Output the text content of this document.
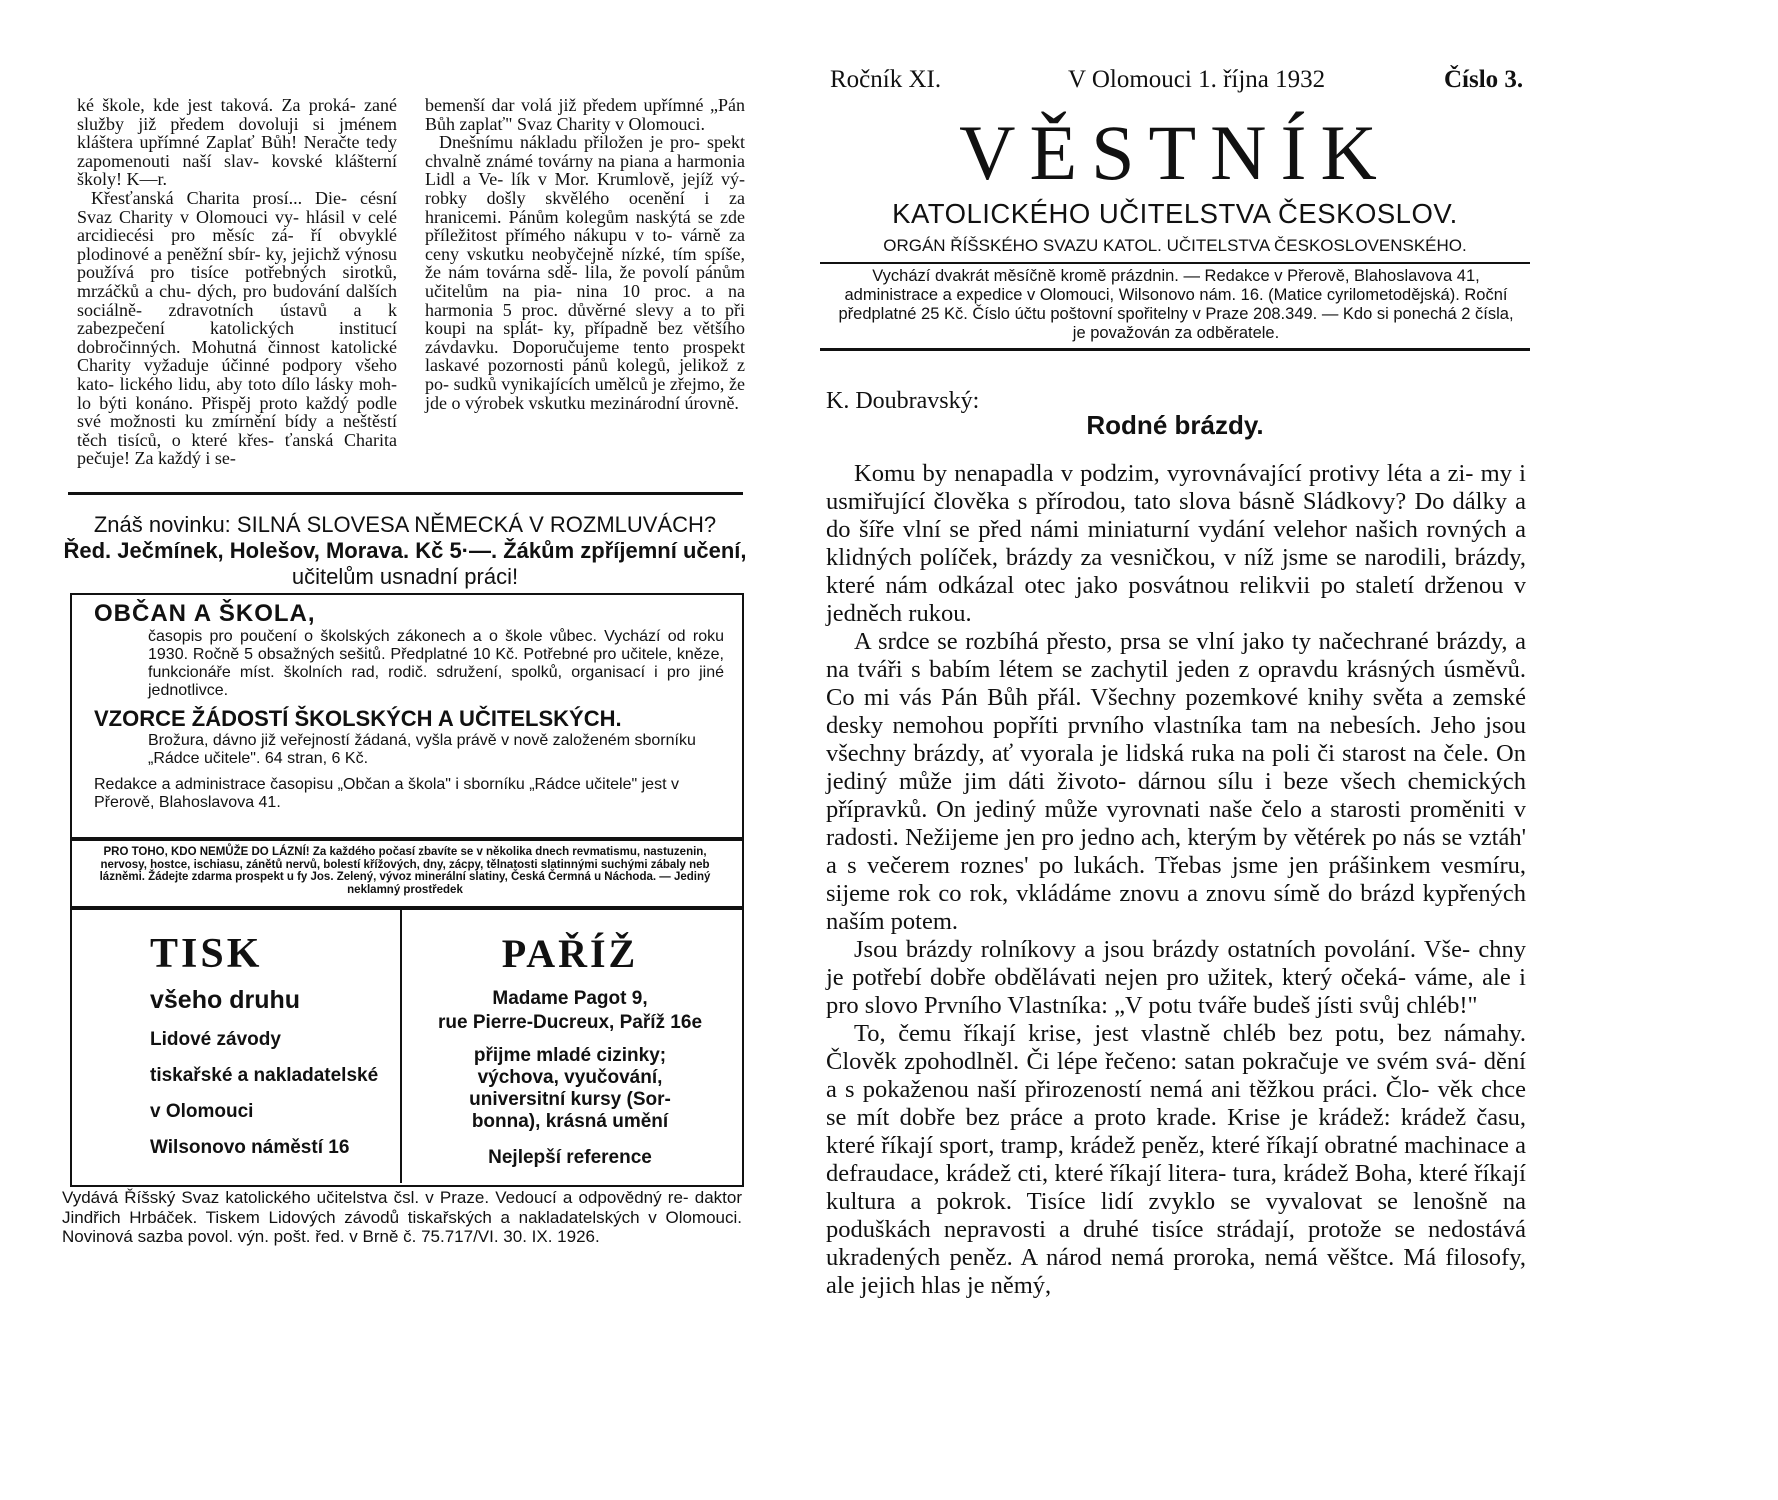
ké škole, kde jest taková. Za proká- zané služby již předem dovoluji si jménem kláštera upřímné Zaplať Bůh! Neračte tedy zapomenouti naší slav- kovské klášterní školy! K—r.

Křesťanská Charita prosí... Die- césní Svaz Charity v Olomouci vy- hlásil v celé arcidiecési pro měsíc zá- ří obvyklé plodinové a peněžní sbír- ky, jejichž výnosu používá pro tisíce potřebných sirotků, mrzáčků a chu- dých, pro budování dalších sociálně- zdravotních ústavů a k zabezpečení katolických institucí dobročinných. Mohutná činnost katolické Charity vyžaduje účinné podpory všeho kato- lického lidu, aby toto dílo lásky moh- lo býti konáno. Přispěj proto každý podle své možnosti ku zmírnění bídy a neštěstí těch tisíců, o které křes- ťanská Charita pečuje! Za každý i se-

bemenší dar volá již předem upřímné „Pán Bůh zaplať" Svaz Charity v Olomouci.

Dnešnímu nákladu přiložen je pro- spekt chvalně známé továrny na piana a harmonia Lidl a Ve- lík v Mor. Krumlově, jejíž vý- robky došly skvělého ocenění i za hranicemi. Pánům kolegům naskýtá se zde příležitost přímého nákupu v to- várně za ceny vskutku neobyčejně nízké, tím spíše, že nám továrna sdě- lila, že povolí pánům učitelům na pia- nina 10 proc. a na harmonia 5 proc. důvěrné slevy a to při koupi na splát- ky, případně bez většího závdavku. Doporučujeme tento prospekt laskavé pozornosti pánů kolegů, jelikož z po- sudků vynikajících umělců je zřejmo, že jde o výrobek vskutku mezinárodní úrovně.

Znáš novinku: SILNÁ SLOVESA NĚMECKÁ V ROZMLUVÁCH?
Řed. Ječmínek, Holešov, Morava. Kč 5·—. Žákům zpříjemní učení,
učitelům usnadní práci!
OBČAN A ŠKOLA,
časopis pro poučení o školských zákonech a o škole vůbec. Vychází od roku 1930. Ročně 5 obsažných sešitů. Předplatné 10 Kč. Potřebné pro učitele, kněze, funkcionáře míst. školních rad, rodič. sdružení, spolků, organisací i pro jiné jednotlivce.
VZORCE ŽÁDOSTÍ ŠKOLSKÝCH A UČITELSKÝCH.
Brožura, dávno již veřejností žádaná, vyšla právě v nově založeném sborníku „Rádce učitele". 64 stran, 6 Kč.
Redakce a administrace časopisu „Občan a škola" i sborníku „Rádce učitele" jest v Přerově, Blahoslavova 41.
PRO TOHO, KDO NEMŮŽE DO LÁZNÍ! Za každého počasí zbavíte se v několika dnech revmatismu, nastuzenin, nervosy, hostce, ischiasu, zánětů nervů, bolestí křížových, dny, zácpy, tělnatosti slatinnými suchými zábaly neb lázněmi. Žádejte zdarma prospekt u fy Jos. Zelený, vývoz minerální slatiny, Česká Čermná u Náchoda. — Jediný neklamný prostředek
TISK
všeho druhu
Lidové závody
tiskařské a nakladatelské
v Olomouci
Wilsonovo náměstí 16
PAŘÍŽ
Madame Pagot 9,
rue Pierre-Ducreux, Paříž 16e
přijme mladé cizinky;
výchova, vyučování,
universitní kursy (Sor-
bonna), krásná umění
Nejlepší reference
Vydává Říšský Svaz katolického učitelstva čsl. v Praze. Vedoucí a odpovědný re- daktor Jindřich Hrbáček. Tiskem Lidových závodů tiskařských a nakladatelských v Olomouci. Novinová sazba povol. výn. pošt. řed. v Brně č. 75.717/VI. 30. IX. 1926.
Ročník XI.	V Olomouci 1. října 1932	Číslo 3.
VĚSTNÍK
KATOLICKÉHO UČITELSTVA ČESKOSLOV.
ORGÁN ŘÍŠSKÉHO SVAZU KATOL. UČITELSTVA ČESKOSLOVENSKÉHO.
Vychází dvakrát měsíčně kromě prázdnin. — Redakce v Přerově, Blahoslavova 41, administrace a expedice v Olomouci, Wilsonovo nám. 16. (Matice cyrilometodějská). Roční předplatné 25 Kč. Číslo účtu poštovní spořitelny v Praze 208.349. — Kdo si ponechá 2 čísla, je považován za odběratele.
K. Doubravský:
Rodné brázdy.

Komu by nenapadla v podzim, vyrovnávající protivy léta a zi- my i usmiřující člověka s přírodou, tato slova básně Sládkovy? Do dálky a do šíře vlní se před námi miniaturní vydání velehor našich rovných a klidných políček, brázdy za vesničkou, v níž jsme se narodili, brázdy, které nám odkázal otec jako posvátnou relikvii po staletí drženou v jedněch rukou.

A srdce se rozbíhá přesto, prsa se vlní jako ty načechrané brázdy, a na tváři s babím létem se zachytil jeden z opravdu krásných úsměvů. Co mi vás Pán Bůh přál. Všechny pozemkové knihy světa a zemské desky nemohou popříti prvního vlastníka tam na nebesích. Jeho jsou všechny brázdy, ať vyorala je lidská ruka na poli či starost na čele. On jediný může jim dáti životo- dárnou sílu i beze všech chemických přípravků. On jediný může vyrovnati naše čelo a starosti proměniti v radosti. Nežijeme jen pro jedno ach, kterým by větérek po nás se vztáh' a s večerem roznes' po lukách. Třebas jsme jen prášinkem vesmíru, sijeme rok co rok, vkládáme znovu a znovu símě do brázd kypřených naším potem.

Jsou brázdy rolníkovy a jsou brázdy ostatních povolání. Vše- chny je potřebí dobře obdělávati nejen pro užitek, který očeká- váme, ale i pro slovo Prvního Vlastníka: „V potu tváře budeš jísti svůj chléb!"

To, čemu říkají krise, jest vlastně chléb bez potu, bez námahy. Člověk zpohodlněl. Či lépe řečeno: satan pokračuje ve svém svá- dění a s pokaženou naší přirozeností nemá ani těžkou práci. Člo- věk chce se mít dobře bez práce a proto krade. Krise je krádež: krádež času, které říkají sport, tramp, krádež peněz, které říkají obratné machinace a defraudace, krádež cti, které říkají litera- tura, krádež Boha, které říkají kultura a pokrok. Tisíce lidí zvyklo se vyvalovat se lenošně na poduškách nepravosti a druhé tisíce strádají, protože se nedostává ukradených peněz. A národ nemá proroka, nemá věštce. Má filosofy, ale jejich hlas je němý,
